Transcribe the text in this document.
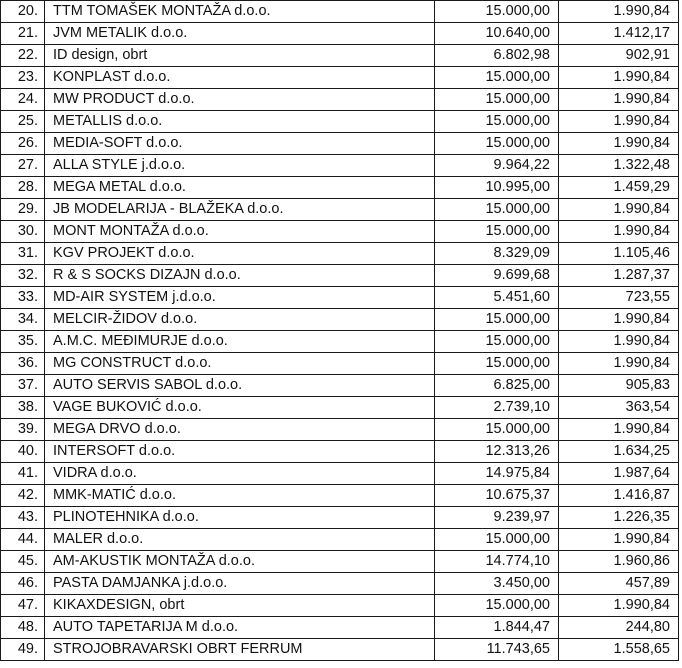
20.	TTM TOMAŠEK MONTAŽA d.o.o.	15.000,00	1.990,84
21.	JVM METALIK d.o.o.	10.640,00	1.412,17
22.	ID design, obrt	6.802,98	902,91
23.	KONPLAST d.o.o.	15.000,00	1.990,84
24.	MW PRODUCT d.o.o.	15.000,00	1.990,84
25.	METALLIS d.o.o.	15.000,00	1.990,84
26.	MEDIA-SOFT d.o.o.	15.000,00	1.990,84
27.	ALLA STYLE j.d.o.o.	9.964,22	1.322,48
28.	MEGA METAL d.o.o.	10.995,00	1.459,29
29.	JB MODELARIJA - BLAŽEKA d.o.o.	15.000,00	1.990,84
30.	MONT MONTAŽA d.o.o.	15.000,00	1.990,84
31.	KGV PROJEKT d.o.o.	8.329,09	1.105,46
32.	R & S SOCKS DIZAJN d.o.o.	9.699,68	1.287,37
33.	MD-AIR SYSTEM j.d.o.o.	5.451,60	723,55
34.	MELCIR-ŽIDOV d.o.o.	15.000,00	1.990,84
35.	A.M.C. MEĐIMURJE d.o.o.	15.000,00	1.990,84
36.	MG CONSTRUCT d.o.o.	15.000,00	1.990,84
37.	AUTO SERVIS SABOL d.o.o.	6.825,00	905,83
38.	VAGE BUKOVIĆ d.o.o.	2.739,10	363,54
39.	MEGA DRVO d.o.o.	15.000,00	1.990,84
40.	INTERSOFT d.o.o.	12.313,26	1.634,25
41.	VIDRA d.o.o.	14.975,84	1.987,64
42.	MMK-MATIĆ d.o.o.	10.675,37	1.416,87
43.	PLINOTEHNIKA d.o.o.	9.239,97	1.226,35
44.	MALER d.o.o.	15.000,00	1.990,84
45.	AM-AKUSTIK MONTAŽA d.o.o.	14.774,10	1.960,86
46.	PASTA DAMJANKA j.d.o.o.	3.450,00	457,89
47.	KIKAXDESIGN, obrt	15.000,00	1.990,84
48.	AUTO TAPETARIJA M d.o.o.	1.844,47	244,80
49.	STROJOBRAVARSKI OBRT FERRUM	11.743,65	1.558,65
